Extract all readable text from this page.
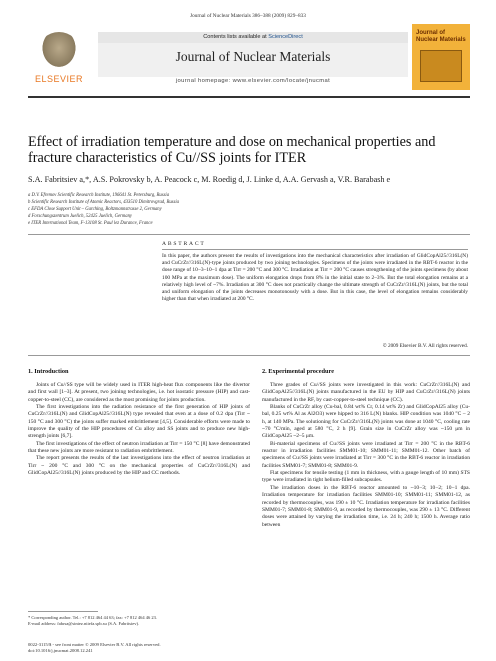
Journal of Nuclear Materials 386–388 (2009) 829–833
ELSEVIER
Contents lists available at ScienceDirect
Journal of Nuclear Materials
journal homepage: www.elsevier.com/locate/jnucmat
Journal of Nuclear Materials
Effect of irradiation temperature and dose on mechanical properties and fracture characteristics of Cu//SS joints for ITER
S.A. Fabritsiev a,*, A.S. Pokrovsky b, A. Peacock c, M. Roedig d, J. Linke d, A.A. Gervash a, V.R. Barabash e
a D.V. Efremov Scientific Research Institute, 196641 St. Petersburg, Russia
b Scientific Research Institute of Atomic Reactors, 433510 Dimitrovgrad, Russia
c EFDA Close Support Unit – Garching, Boltzmannstrasse 2, Germany
d Forschungszentrum Juelich, 52425 Juelich, Germany
e ITER International Team, F-13108 St. Paul lez Durance, France
ABSTRACT
In this paper, the authors present the results of investigations into the mechanical characteristics after irradiation of GlidCopAl25//316L(N) and CuCrZr//316L(N)-type joints produced by two joining technologies. Specimens of the joints were irradiated in the RBT-6 reactor in the dose range of 10−3–10−1 dpa at Tirr = 200 °C and 300 °C. Irradiation at Tirr = 200 °C causes strengthening of the joints specimens (by about 100 MPa at the maximum dose). The uniform elongation drops from 8% in the initial state to 2–3%. But the total elongation remains at a relatively high level of ~7%. Irradiation at 300 °C does not practically change the ultimate strength of CuCrZr//316L(N) joints, but the total and uniform elongation of the joints decreases monotonously with a dose. But in this case, the level of elongation remains considerably higher than that when irradiated at 200 °C.
© 2009 Elsevier B.V. All rights reserved.
1. Introduction

Joints of Cu//SS type will be widely used in ITER high-heat flux components like the divertor and first wall [1–3]. At present, two joining technologies, i.e. hot isostatic pressure (HIP) and cast-copper-to-steel (CC), are considered as the most promising for joints production.

The first investigations into the radiation resistance of the first generation of HIP joints of CuCrZr//316L(N) and GlidCopAl25//316L(N) type revealed that even at a dose of 0.2 dpa (Tirr ~ 150 °C and 300 °C) the joints suffer marked embrittlement [4,5]. Considerable efforts were made to improve the quality of the HIP procedures of Cu alloy and SS joints and to produce new high-strength joints [6,7].

The first investigations of the effect of neutron irradiation at Tirr = 150 °C [8] have demonstrated that these new joints are more resistant to radiation embrittlement.

The report presents the results of the last investigations into the effect of neutron irradiation at Tirr ~ 200 °C and 300 °C on the mechanical properties of CuCrZr//316L(N) and GlidCopAl25//316L(N) joints produced by the HIP and CC methods.

2. Experimental procedure

Three grades of Cu//SS joints were investigated in this work: CuCrZr//316L(N) and GlidCopAl25//316L(N) joints manufactured in the EU by HIP and CuCrZr//316L(N) joints manufactured in the RF, by cast-copper-to-steel technique (CC).

Blanks of CuCrZr alloy (Cu-bal, 0.84 wt% Cr, 0.14 wt% Zr) and GlidCopAl25 alloy (Cu-bal, 0.25 wt% Al as Al2O3) were hipped to 316 L(N) blanks. HIP condition was 1040 °C – 2 h, at 140 MPa. The solutioning for CuCrZr//316L(N) joints was done at 1040 °C, cooling rate ~70 °C/min, aged at 580 °C, 2 h [9]. Grain size in CuCrZr alloy was ~150 μm in GlidCopAl25 ~2–5 μm.

Bi-material specimens of Cu//SS joints were irradiated at Tirr = 200 °C in the RBT-6 reactor in irradiation facilities SMM01-10; SMM01-11; SMM01-12. Other batch of specimens of Cu//SS joints were irradiated at Tirr = 300 °C in the RBT-6 reactor in irradiation facilities SMM01-7; SMM01-8; SMM01-9.

Flat specimens for tensile testing (1 mm in thickness, with a gauge length of 10 mm) STS type were irradiated in tight helium-filled subcapsules.

The irradiation doses in the RBT-6 reactor amounted to ~10−3; 10−2; 10−1 dpa. Irradiation temperature for irradiation facilities SMM01-10; SMM01-11; SMM01-12, as recorded by thermocouples, was 190 ± 10 °C. Irradiation temperature for irradiation facilities SMM01-7; SMM01-8; SMM01-9, as recorded by thermocouples, was 290 ± 13 °C. Different doses were attained by varying the irradiation time, i.e. 24 h; 240 h; 1500 h. Average ratio between

* Corresponding author. Tel.: +7 812 464 44 63; fax: +7 812 464 46 23.
E-mail address: fabrsa@sintez.niiefa.spb.su (S.A. Fabritsiev).
0022-3115/$ - see front matter © 2009 Elsevier B.V. All rights reserved.
doi:10.1016/j.jnucmat.2008.12.241
